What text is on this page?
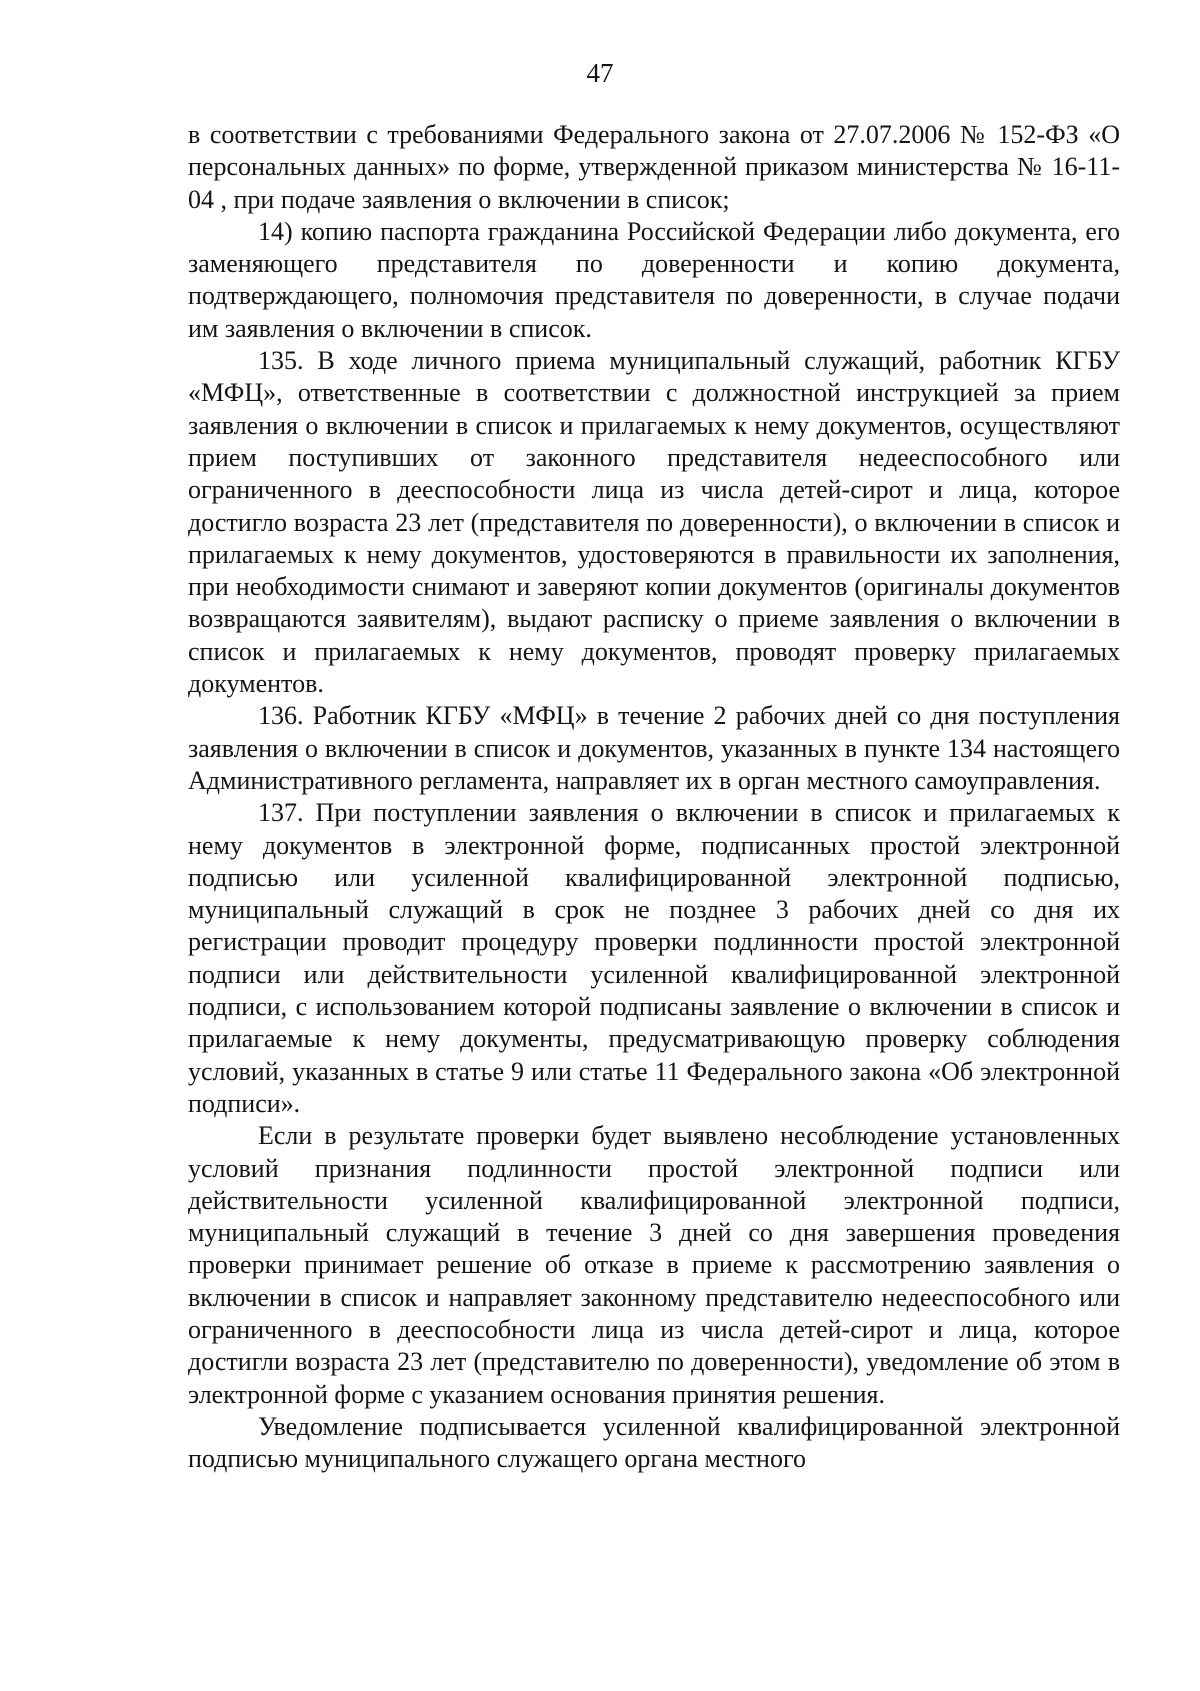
47

в соответствии с требованиями Федерального закона от 27.07.2006 № 152-ФЗ «О персональных данных» по форме, утвержденной приказом министерства № 16-11-04 , при подаче заявления о включении в список;

14) копию паспорта гражданина Российской Федерации либо документа, его заменяющего представителя по доверенности и копию документа, подтверждающего, полномочия представителя по доверенности, в случае подачи им заявления о включении в список.

135. В ходе личного приема муниципальный служащий, работник КГБУ «МФЦ», ответственные в соответствии с должностной инструкцией за прием заявления о включении в список и прилагаемых к нему документов, осуществляют прием поступивших от законного представителя недееспособного или ограниченного в дееспособности лица из числа детей-сирот и лица, которое достигло возраста 23 лет (представителя по доверенности), о включении в список и прилагаемых к нему документов, удостоверяются в правильности их заполнения, при необходимости снимают и заверяют копии документов (оригиналы документов возвращаются заявителям), выдают расписку о приеме заявления о включении в список и прилагаемых к нему документов, проводят проверку прилагаемых документов.

136. Работник КГБУ «МФЦ» в течение 2 рабочих дней со дня поступления заявления о включении в список и документов, указанных в пункте 134 настоящего Административного регламента, направляет их в орган местного самоуправления.

137. При поступлении заявления о включении в список и прилагаемых к нему документов в электронной форме, подписанных простой электронной подписью или усиленной квалифицированной электронной подписью, муниципальный служащий в срок не позднее 3 рабочих дней со дня их регистрации проводит процедуру проверки подлинности простой электронной подписи или действительности усиленной квалифицированной электронной подписи, с использованием которой подписаны заявление о включении в список и прилагаемые к нему документы, предусматривающую проверку соблюдения условий, указанных в статье 9 или статье 11 Федерального закона «Об электронной подписи».

Если в результате проверки будет выявлено несоблюдение установленных условий признания подлинности простой электронной подписи или действительности усиленной квалифицированной электронной подписи, муниципальный служащий в течение 3 дней со дня завершения проведения проверки принимает решение об отказе в приеме к рассмотрению заявления о включении в список и направляет законному представителю недееспособного или ограниченного в дееспособности лица из числа детей-сирот и лица, которое достигли возраста 23 лет (представителю по доверенности), уведомление об этом в электронной форме с указанием основания принятия решения.

Уведомление подписывается усиленной квалифицированной электронной подписью муниципального служащего органа местного
